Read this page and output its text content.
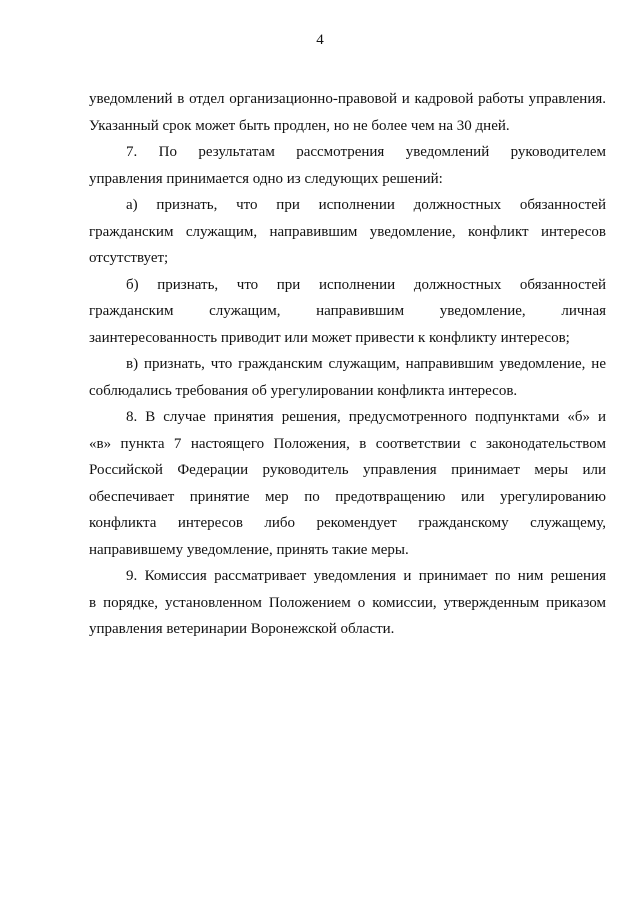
4
уведомлений в отдел организационно-правовой и кадровой работы управления.
Указанный срок может быть продлен, но не более чем на 30 дней.
7. По результатам рассмотрения уведомлений руководителем
управления принимается одно из следующих решений:
а) признать, что при исполнении должностных обязанностей
гражданским служащим, направившим уведомление, конфликт интересов
отсутствует;
б) признать, что при исполнении должностных обязанностей
гражданским служащим, направившим уведомление, личная
заинтересованность приводит или может привести к конфликту интересов;
в) признать, что гражданским служащим, направившим уведомление, не
соблюдались требования об урегулировании конфликта интересов.
8. В случае принятия решения, предусмотренного подпунктами «б» и
«в» пункта 7 настоящего Положения, в соответствии с законодательством
Российской Федерации руководитель управления принимает меры или
обеспечивает принятие мер по предотвращению или урегулированию
конфликта интересов либо рекомендует гражданскому служащему,
направившему уведомление, принять такие меры.
9. Комиссия рассматривает уведомления и принимает по ним решения
в порядке, установленном Положением о комиссии, утвержденным приказом
управления ветеринарии Воронежской области.
